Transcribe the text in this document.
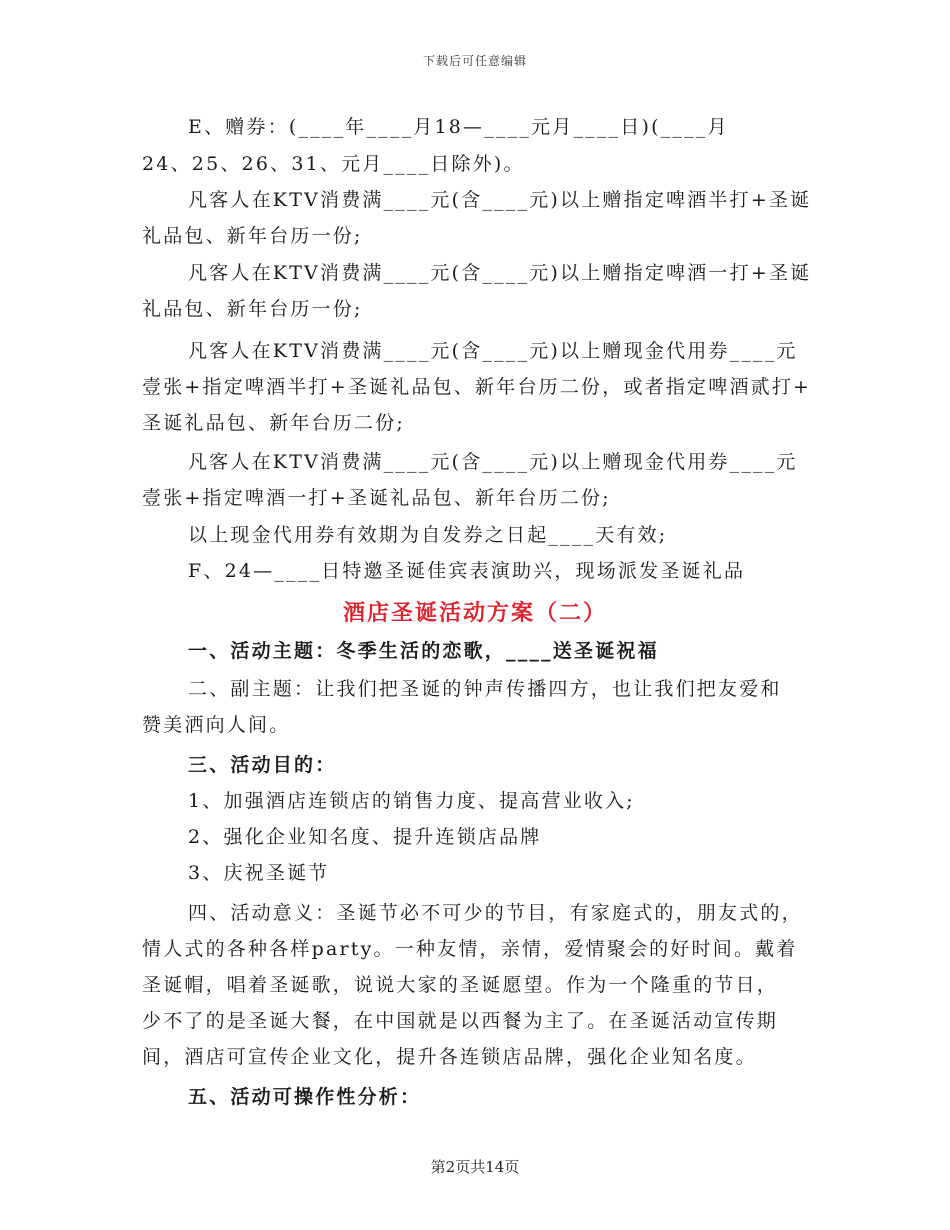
下载后可任意编辑
E、赠券：(____年____月18—____元月____日)(____月
24、25、26、31、元月____日除外)。
凡客人在KTV消费满____元(含____元)以上赠指定啤酒半打+圣诞
礼品包、新年台历一份;
凡客人在KTV消费满____元(含____元)以上赠指定啤酒一打+圣诞
礼品包、新年台历一份;
凡客人在KTV消费满____元(含____元)以上赠现金代用券____元
壹张+指定啤酒半打+圣诞礼品包、新年台历二份，或者指定啤酒贰打+
圣诞礼品包、新年台历二份;
凡客人在KTV消费满____元(含____元)以上赠现金代用券____元
壹张+指定啤酒一打+圣诞礼品包、新年台历二份;
以上现金代用券有效期为自发券之日起____天有效;
F、24—____日特邀圣诞佳宾表演助兴，现场派发圣诞礼品
酒店圣诞活动方案（二）
一、活动主题：冬季生活的恋歌，____送圣诞祝福
二、副主题：让我们把圣诞的钟声传播四方，也让我们把友爱和
赞美洒向人间。
三、活动目的：
1、加强酒店连锁店的销售力度、提高营业收入;
2、强化企业知名度、提升连锁店品牌
3、庆祝圣诞节
四、活动意义：圣诞节必不可少的节目，有家庭式的，朋友式的，
情人式的各种各样party。一种友情，亲情，爱情聚会的好时间。戴着
圣诞帽，唱着圣诞歌，说说大家的圣诞愿望。作为一个隆重的节日，
少不了的是圣诞大餐，在中国就是以西餐为主了。在圣诞活动宣传期
间，酒店可宣传企业文化，提升各连锁店品牌，强化企业知名度。
五、活动可操作性分析：
第2页共14页
